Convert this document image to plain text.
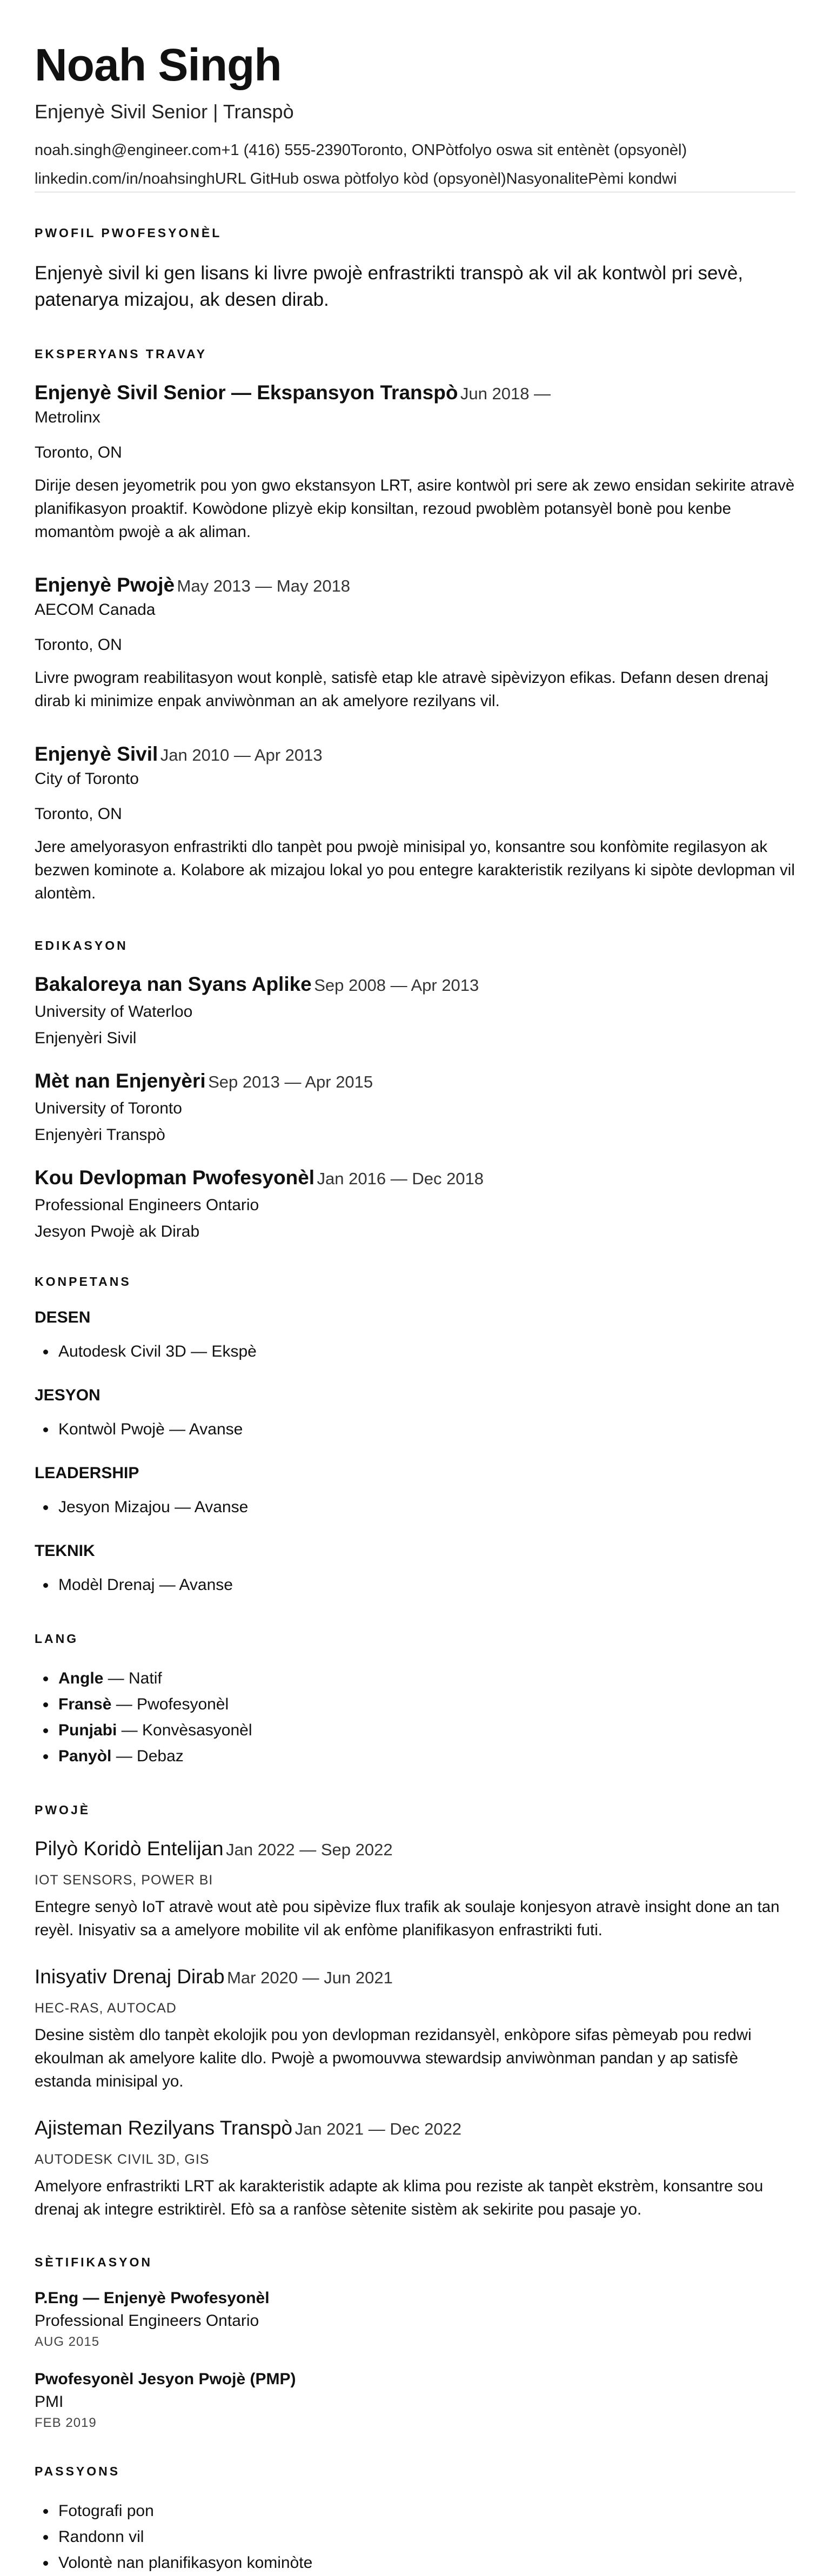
Noah Singh
Enjenyè Sivil Senior | Transpò
noah.singh@engineer.com+1 (416) 555-2390Toronto, ONPòtfolyo oswa sit entènèt (opsyonèl)
linkedin.com/in/noahsinghURL GitHub oswa pòtfolyo kòd (opsyonèl)NasyonalitePèmi kondwi
PWOFIL PWOFESYONÈL
Enjenyè sivil ki gen lisans ki livre pwojè enfrastrikti transpò ak vil ak kontwòl pri sevè, patenarya mizajou, ak desen dirab.
EKSPERYANS TRAVAY
Enjenyè Sivil Senior — Ekspansyon Transpò Jun 2018 —
Metrolinx
Toronto, ON
Dirije desen jeyometrik pou yon gwo ekstansyon LRT, asire kontwòl pri sere ak zewo ensidan sekirite atravè planifikasyon proaktif. Kowòdone plizyè ekip konsiltan, rezoud pwoblèm potansyèl bonè pou kenbe momantòm pwojè a ak aliman.
Enjenyè Pwojè May 2013 — May 2018
AECOM Canada
Toronto, ON
Livre pwogram reabilitasyon wout konplè, satisfè etap kle atravè sipèvizyon efikas. Defann desen drenaj dirab ki minimize enpak anviwònman an ak amelyore rezilyans vil.
Enjenyè Sivil Jan 2010 — Apr 2013
City of Toronto
Toronto, ON
Jere amelyorasyon enfrastrikti dlo tanpèt pou pwojè minisipal yo, konsantre sou konfòmite regilasyon ak bezwen kominote a. Kolabore ak mizajou lokal yo pou entegre karakteristik rezilyans ki sipòte devlopman vil alontèm.
EDIKASYON
Bakaloreya nan Syans Aplike Sep 2008 — Apr 2013
University of Waterloo
Enjenyèri Sivil
Mèt nan Enjenyèri Sep 2013 — Apr 2015
University of Toronto
Enjenyèri Transpò
Kou Devlopman Pwofesyonèl Jan 2016 — Dec 2018
Professional Engineers Ontario
Jesyon Pwojè ak Dirab
KONPETANS
DESEN
• Autodesk Civil 3D — Ekspè
JESYON
• Kontwòl Pwojè — Avanse
LEADERSHIP
• Jesyon Mizajou — Avanse
TEKNIK
• Modèl Drenaj — Avanse
LANG
• Angle — Natif
• Fransè — Pwofesyonèl
• Punjabi — Konvèsasyonèl
• Panyòl — Debaz
PWOJÈ
Pilyò Koridò Entelijan Jan 2022 — Sep 2022
IOT SENSORS, POWER BI
Entegre senyò IoT atravè wout atè pou sipèvize flux trafik ak soulaje konjesyon atravè insight done an tan reyèl. Inisyativ sa a amelyore mobilite vil ak enfòme planifikasyon enfrastrikti futi.
Inisyativ Drenaj Dirab Mar 2020 — Jun 2021
HEC-RAS, AUTOCAD
Desine sistèm dlo tanpèt ekolojik pou yon devlopman rezidansyèl, enkòpore sifas pèmeyab pou redwi ekoulman ak amelyore kalite dlo. Pwojè a pwomouvwa stewardsip anviwònman pandan y ap satisfè estanda minisipal yo.
Ajisteman Rezilyans Transpò Jan 2021 — Dec 2022
AUTODESK CIVIL 3D, GIS
Amelyore enfrastrikti LRT ak karakteristik adapte ak klima pou reziste ak tanpèt ekstrèm, konsantre sou drenaj ak integre estriktirèl. Efò sa a ranfòse sètenite sistèm ak sekirite pou pasaje yo.
SÈTIFIKASYON
P.Eng — Enjenyè Pwofesyonèl
Professional Engineers Ontario
AUG 2015
Pwofesyonèl Jesyon Pwojè (PMP)
PMI
FEB 2019
PASSYONS
• Fotografi pon
• Randonn vil
• Volontè nan planifikasyon kominòte
